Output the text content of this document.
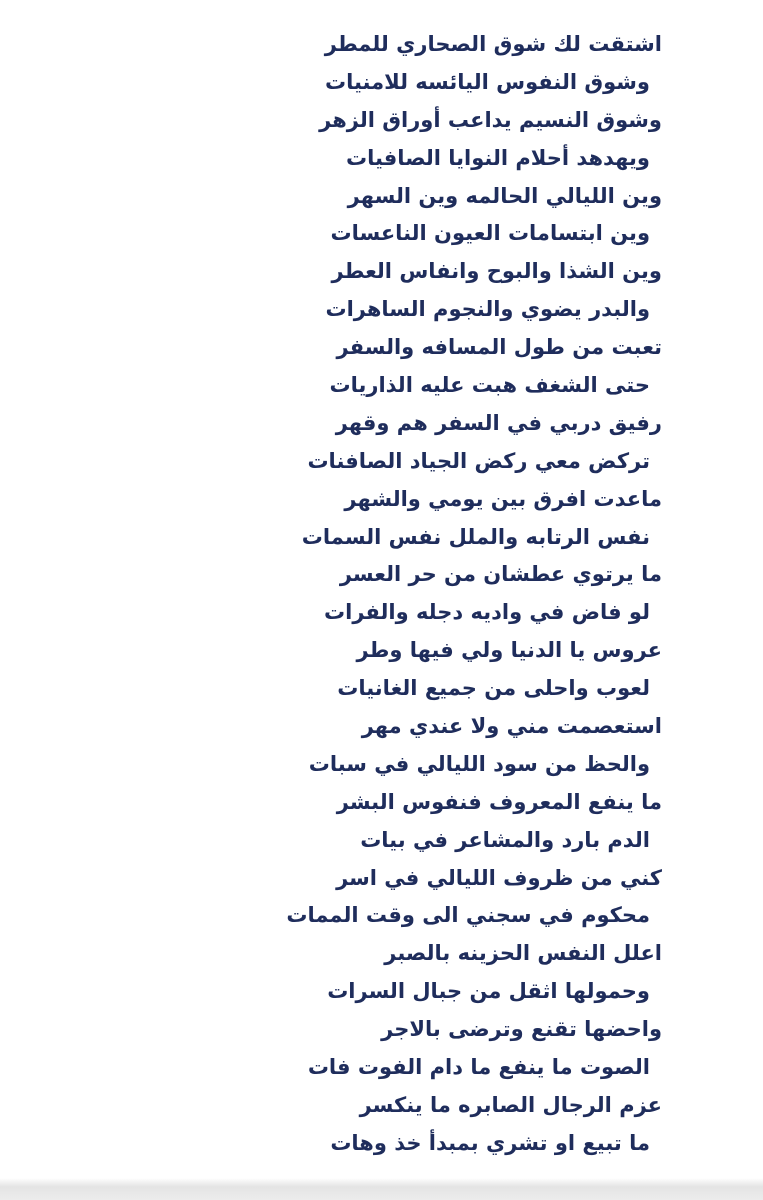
اشتقت لك شوق الصحاري للمطر
وشوق النفوس اليائسه للامنيات
وشوق النسيم يداعب أوراق الزهر
ويهدهد أحلام النوايا الصافيات
وين الليالي الحالمه وين السهر
وين ابتسامات العيون الناعسات
وين الشذا والبوح وانفاس العطر
والبدر يضوي والنجوم الساهرات
تعبت من طول المسافه والسفر
حتى الشغف هبت عليه الذاريات
رفيق دربي في السفر هم وقهر
تركض معي ركض الجياد الصافنات
ماعدت افرق بين يومي والشهر
نفس الرتابه والملل نفس السمات
ما يرتوي عطشان من حر العسر
لو فاض في واديه دجله والفرات
عروس يا الدنيا ولي فيها وطر
لعوب واحلى من جميع الغانيات
استعصمت مني ولا عندي مهر
والحظ من سود الليالي في سبات
ما ينفع المعروف فنفوس البشر
الدم بارد والمشاعر في بيات
كني من ظروف الليالي في اسر
محكوم في سجني الى وقت الممات
اعلل النفس الحزينه بالصبر
وحمولها اثقل من جبال السرات
واحضها تقنع وترضى بالاجر
الصوت ما ينفع ما دام الفوت فات
عزم الرجال الصابره ما ينكسر
ما تبيع او تشري بمبدأ خذ وهات
